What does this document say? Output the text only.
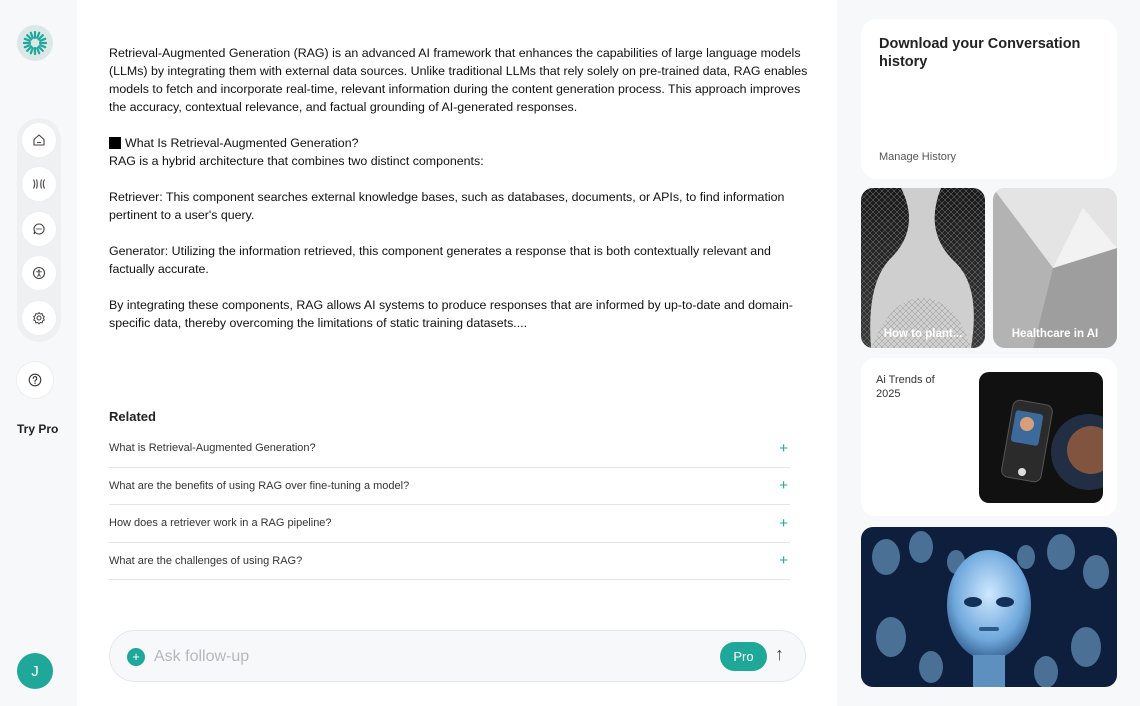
Try Pro
J

Retrieval-Augmented Generation (RAG) is an advanced AI framework that enhances the capabilities of large language models (LLMs) by integrating them with external data sources. Unlike traditional LLMs that rely solely on pre-trained data, RAG enables models to fetch and incorporate real-time, relevant information during the content generation process. This approach improves the accuracy, contextual relevance, and factual grounding of AI-generated responses.

What Is Retrieval-Augmented Generation?

RAG is a hybrid architecture that combines two distinct components:

Retriever: This component searches external knowledge bases, such as databases, documents, or APIs, to find information pertinent to a user's query.

Generator: Utilizing the information retrieved, this component generates a response that is both contextually relevant and factually accurate.

By integrating these components, RAG allows AI systems to produce responses that are informed by up-to-date and domain-specific data, thereby overcoming the limitations of static training datasets....

Related
What is Retrieval-Augmented Generation?	+
What are the benefits of using RAG over fine-tuning a model?	+
How does a retriever work in a RAG pipeline?	+
What are the challenges of using RAG?	+
+
Ask follow-up	Pro	↑
Download your Conversation history
Manage History
How to plant...	Healthcare in AI
Ai Trends of 2025
